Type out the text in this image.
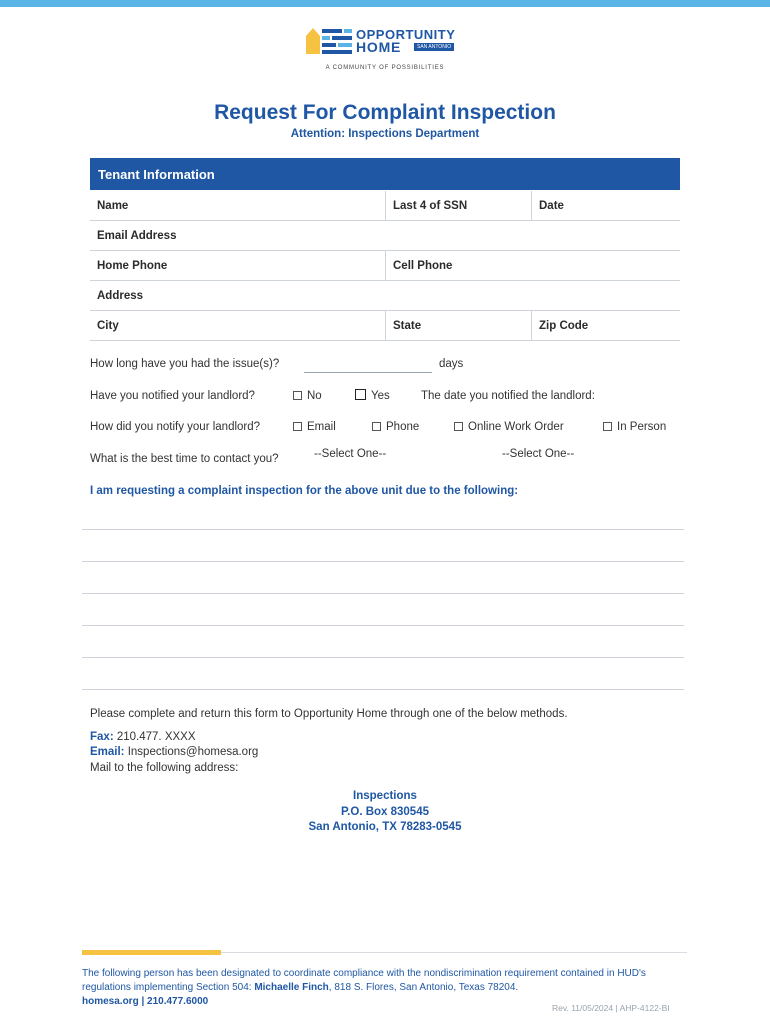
OPPORTUNITY
HOME	SAN ANTONIO
A COMMUNITY OF POSSIBILITIES
Request For Complaint Inspection
Attention: Inspections Department
Tenant Information
Name	Last 4 of SSN	Date
Email Address
Home Phone	Cell Phone
Address
City	State	Zip Code
How long have you had the issue(s)?	days
Have you notified your landlord?	No	Yes	The date you notified the landlord:
How did you notify your landlord?	Email	Phone	Online Work Order	In Person
What is the best time to contact you?	--Select One--	--Select One--
I am requesting a complaint inspection for the above unit due to the following:
Please complete and return this form to Opportunity Home through one of the below methods.
Fax: 210.477. XXXX
Email: Inspections@homesa.org
Mail to the following address:
Inspections
P.O. Box 830545
San Antonio, TX 78283-0545
The following person has been designated to coordinate compliance with the nondiscrimination requirement contained in HUD's regulations implementing Section 504: Michaelle Finch, 818 S. Flores, San Antonio, Texas 78204.
homesa.org | 210.477.6000
Rev. 11/05/2024 | AHP-4122-BI
